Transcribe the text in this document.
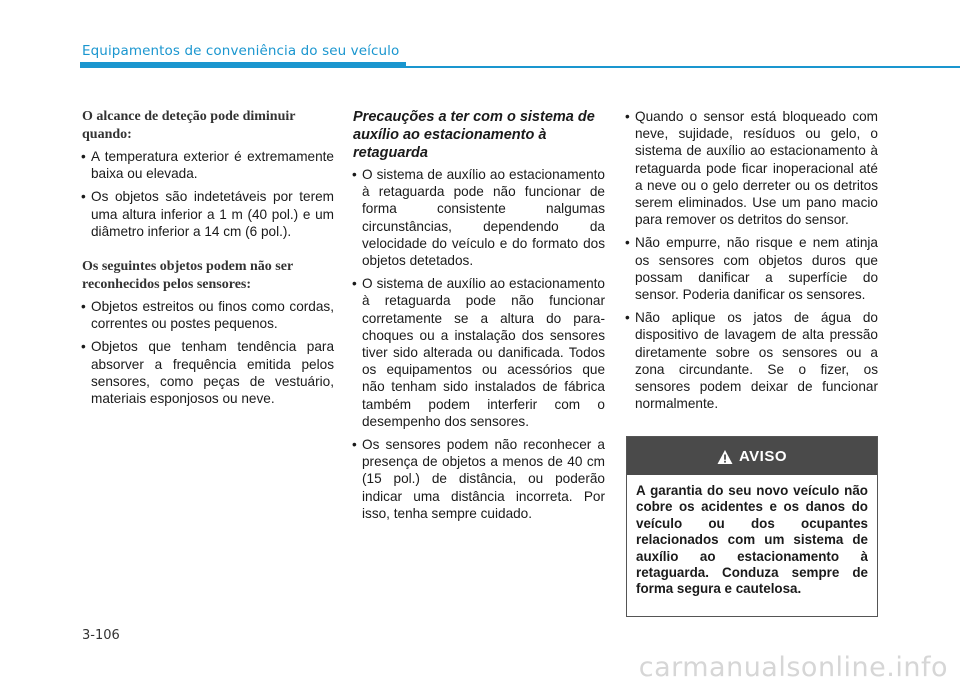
Equipamentos de conveniência do seu veículo

O alcance de deteção pode diminuir quando:

• A temperatura exterior é extremamente baixa ou elevada.
• Os objetos são indetetáveis por terem uma altura inferior a 1 m (40 pol.) e um diâmetro inferior a 14 cm (6 pol.).

Os seguintes objetos podem não ser reconhecidos pelos sensores:

• Objetos estreitos ou finos como cordas, correntes ou postes pequenos.
• Objetos que tenham tendência para absorver a frequência emitida pelos sensores, como peças de vestuário, materiais esponjosos ou neve.

Precauções a ter com o sistema de auxílio ao estacionamento à retaguarda

• O sistema de auxílio ao estacionamento à retaguarda pode não funcionar de forma consistente nalgumas circunstâncias, dependendo da velocidade do veículo e do formato dos objetos detetados.
• O sistema de auxílio ao estacionamento à retaguarda pode não funcionar corretamente se a altura do para-choques ou a instalação dos sensores tiver sido alterada ou danificada. Todos os equipamentos ou acessórios que não tenham sido instalados de fábrica também podem interferir com o desempenho dos sensores.
• Os sensores podem não reconhecer a presença de objetos a menos de 40 cm (15 pol.) de distância, ou poderão indicar uma distância incorreta. Por isso, tenha sempre cuidado.
• Quando o sensor está bloqueado com neve, sujidade, resíduos ou gelo, o sistema de auxílio ao estacionamento à retaguarda pode ficar inoperacional até a neve ou o gelo derreter ou os detritos serem eliminados. Use um pano macio para remover os detritos do sensor.
• Não empurre, não risque e nem atinja os sensores com objetos duros que possam danificar a superfície do sensor. Poderia danificar os sensores.
• Não aplique os jatos de água do dispositivo de lavagem de alta pressão diretamente sobre os sensores ou a zona circundante. Se o fizer, os sensores podem deixar de funcionar normalmente.
AVISO
A garantia do seu novo veículo não cobre os acidentes e os danos do veículo ou dos ocupantes relacionados com um sistema de auxílio ao estacionamento à retaguarda. Conduza sempre de forma segura e cautelosa.
3-106
carmanualsonline.info
